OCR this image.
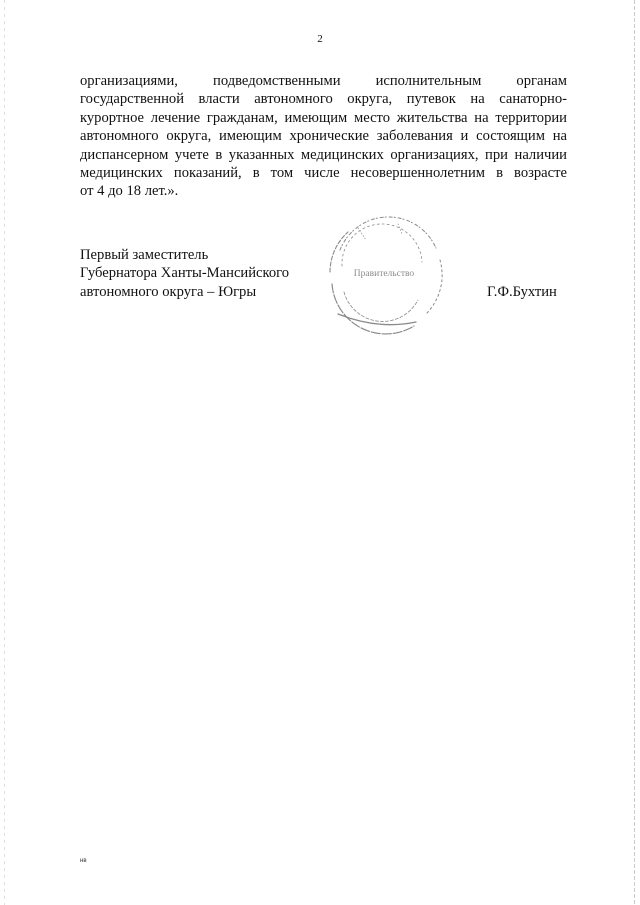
2

организациями, подведомственными исполнительным органам
государственной власти автономного округа, путевок на санаторно-
курортное лечение гражданам, имеющим место жительства на территории
автономного округа, имеющим хронические заболевания и состоящим на
диспансерном учете в указанных медицинских организациях, при наличии
медицинских показаний, в том числе несовершеннолетним в возрасте
от 4 до 18 лет.».

Первый заместитель
Губернатора Ханты-Мансийского
автономного округа – Югры
Правительство
Г.Ф.Бухтин
нв
